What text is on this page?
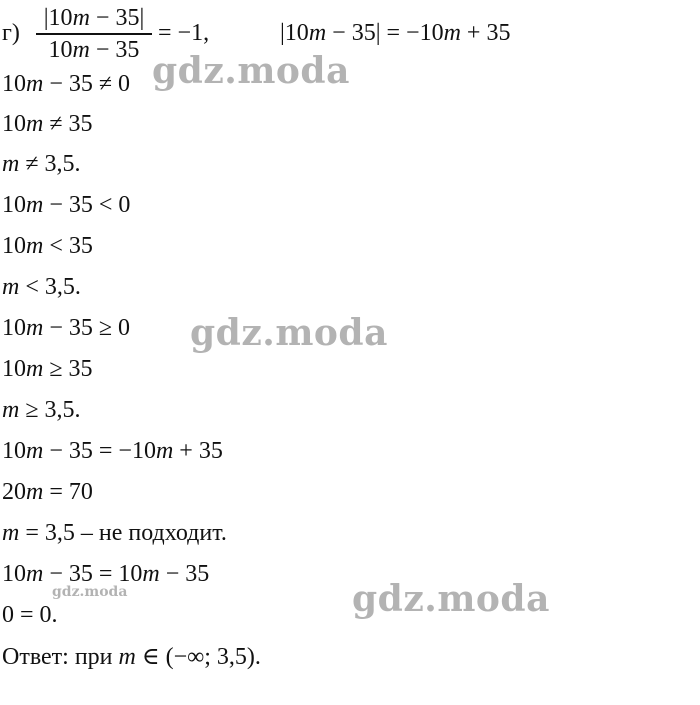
г)
|10m − 35|
10m − 35
= −1,	|10m − 35| = −10m + 35
10m − 35 ≠ 0
10m ≠ 35
m ≠ 3,5.
10m − 35 < 0
10m < 35
m < 3,5.
10m − 35 ≥ 0
10m ≥ 35
m ≥ 3,5.
10m − 35 = −10m + 35
20m = 70
m = 3,5 – не подходит.
10m − 35 = 10m − 35
0 = 0.
Ответ: при m ∈ (−∞; 3,5).
gdz.moda
gdz.moda
gdz.moda
gdz.moda
